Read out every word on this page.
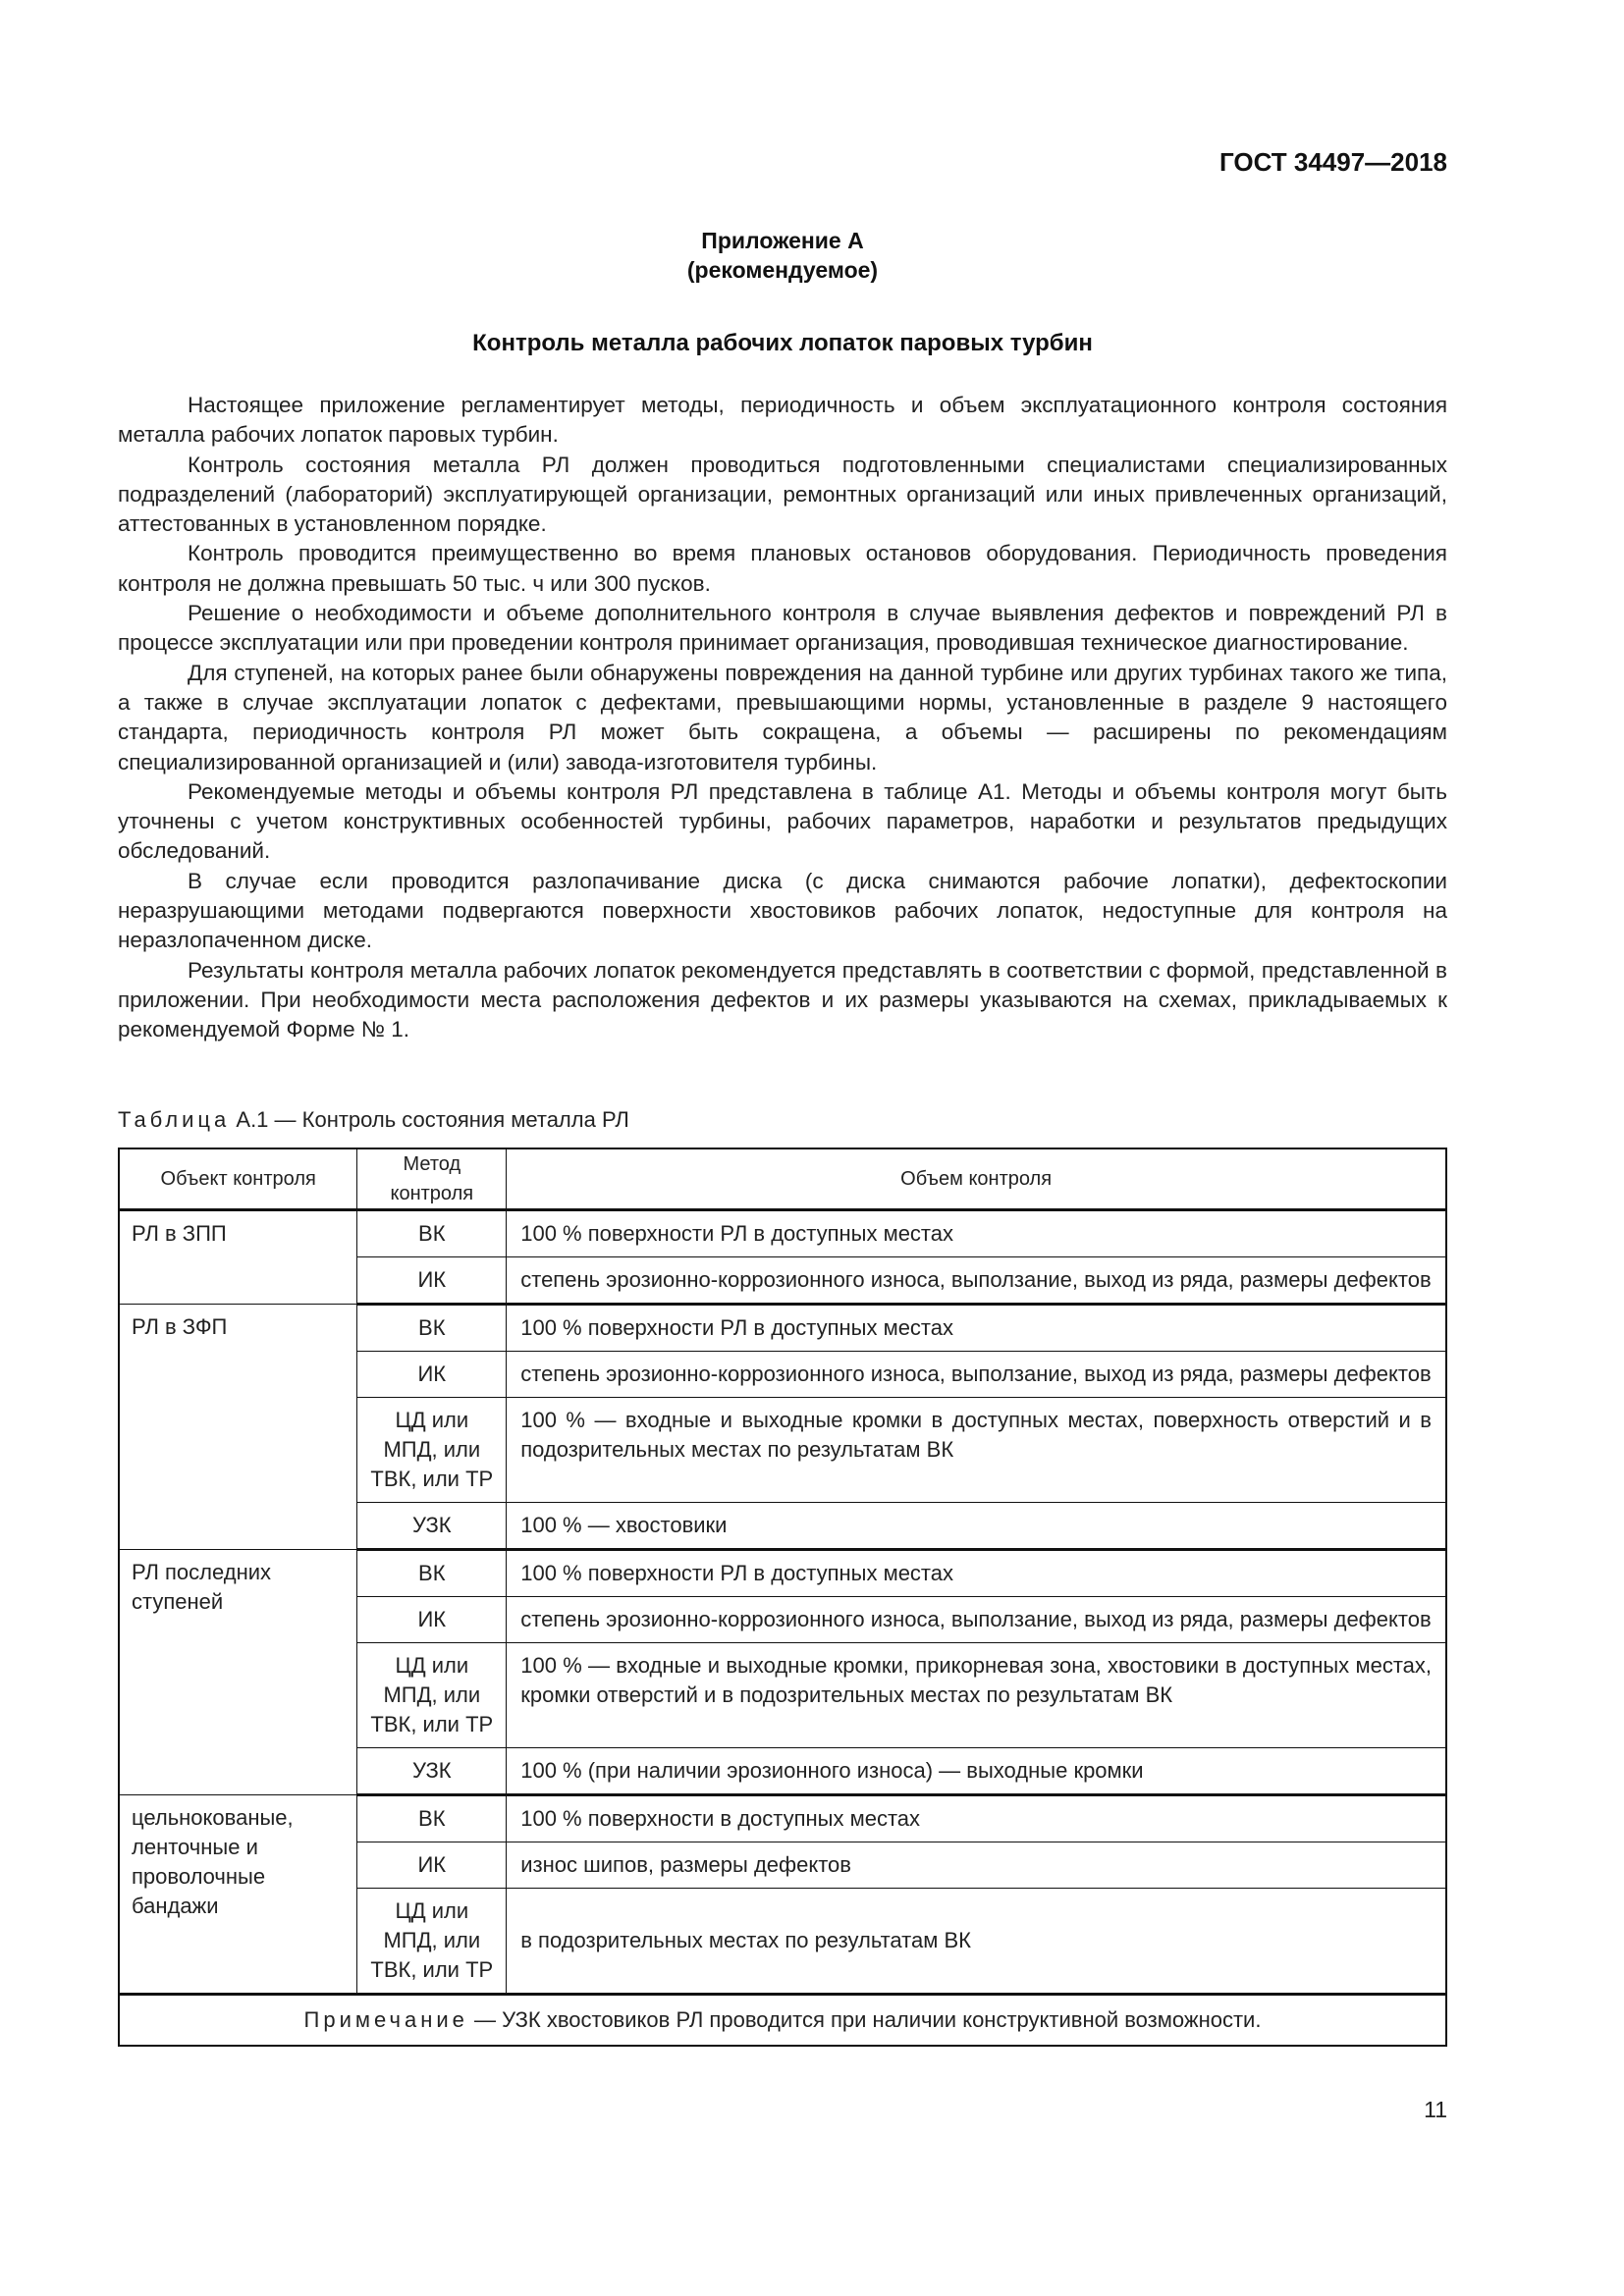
ГОСТ 34497—2018
Приложение А
(рекомендуемое)
Контроль металла рабочих лопаток паровых турбин

Настоящее приложение регламентирует методы, периодичность и объем эксплуатационного контроля состояния металла рабочих лопаток паровых турбин.

Контроль состояния металла РЛ должен проводиться подготовленными специалистами специализированных подразделений (лабораторий) эксплуатирующей организации, ремонтных организаций или иных привлеченных организаций, аттестованных в установленном порядке.

Контроль проводится преимущественно во время плановых остановов оборудования. Периодичность проведения контроля не должна превышать 50 тыс. ч или 300 пусков.

Решение о необходимости и объеме дополнительного контроля в случае выявления дефектов и повреждений РЛ в процессе эксплуатации или при проведении контроля принимает организация, проводившая техническое диагностирование.

Для ступеней, на которых ранее были обнаружены повреждения на данной турбине или других турбинах такого же типа, а также в случае эксплуатации лопаток с дефектами, превышающими нормы, установленные в разделе 9 настоящего стандарта, периодичность контроля РЛ может быть сокращена, а объемы — расширены по рекомендациям специализированной организацией и (или) завода-изготовителя турбины.

Рекомендуемые методы и объемы контроля РЛ представлена в таблице А1. Методы и объемы контроля могут быть уточнены с учетом конструктивных особенностей турбины, рабочих параметров, наработки и результатов предыдущих обследований.

В случае если проводится разлопачивание диска (с диска снимаются рабочие лопатки), дефектоскопии неразрушающими методами подвергаются поверхности хвостовиков рабочих лопаток, недоступные для контроля на неразлопаченном диске.

Результаты контроля металла рабочих лопаток рекомендуется представлять в соответствии с формой, представленной в приложении. При необходимости места расположения дефектов и их размеры указываются на схемах, прикладываемых к рекомендуемой Форме № 1.

Таблица А.1 — Контроль состояния металла РЛ
Объект контроля	Метод контроля	Объем контроля
РЛ в ЗПП	ВК	100 % поверхности РЛ в доступных местах
	ИК	степень эрозионно-коррозионного износа, выползание, выход из ряда, размеры дефектов
РЛ в ЗФП	ВК	100 % поверхности РЛ в доступных местах
	ИК	степень эрозионно-коррозионного износа, выползание, выход из ряда, размеры дефектов
	ЦД или МПД, или ТВК, или ТР	100 % — входные и выходные кромки в доступных местах, поверхность отверстий и в подозрительных местах по результатам ВК
	УЗК	100 % — хвостовики
РЛ последних ступеней	ВК	100 % поверхности РЛ в доступных местах
	ИК	степень эрозионно-коррозионного износа, выползание, выход из ряда, размеры дефектов
	ЦД или МПД, или ТВК, или ТР	100 % — входные и выходные кромки, прикорневая зона, хвостовики в доступных местах, кромки отверстий и в подозрительных местах по результатам ВК
	УЗК	100 % (при наличии эрозионного износа) — выходные кромки
цельнокованые, ленточные и проволочные бандажи	ВК	100 % поверхности в доступных местах
	ИК	износ шипов, размеры дефектов
	ЦД или МПД, или ТВК, или ТР	в подозрительных местах по результатам ВК
Примечание — УЗК хвостовиков РЛ проводится при наличии конструктивной возможности.		
11
